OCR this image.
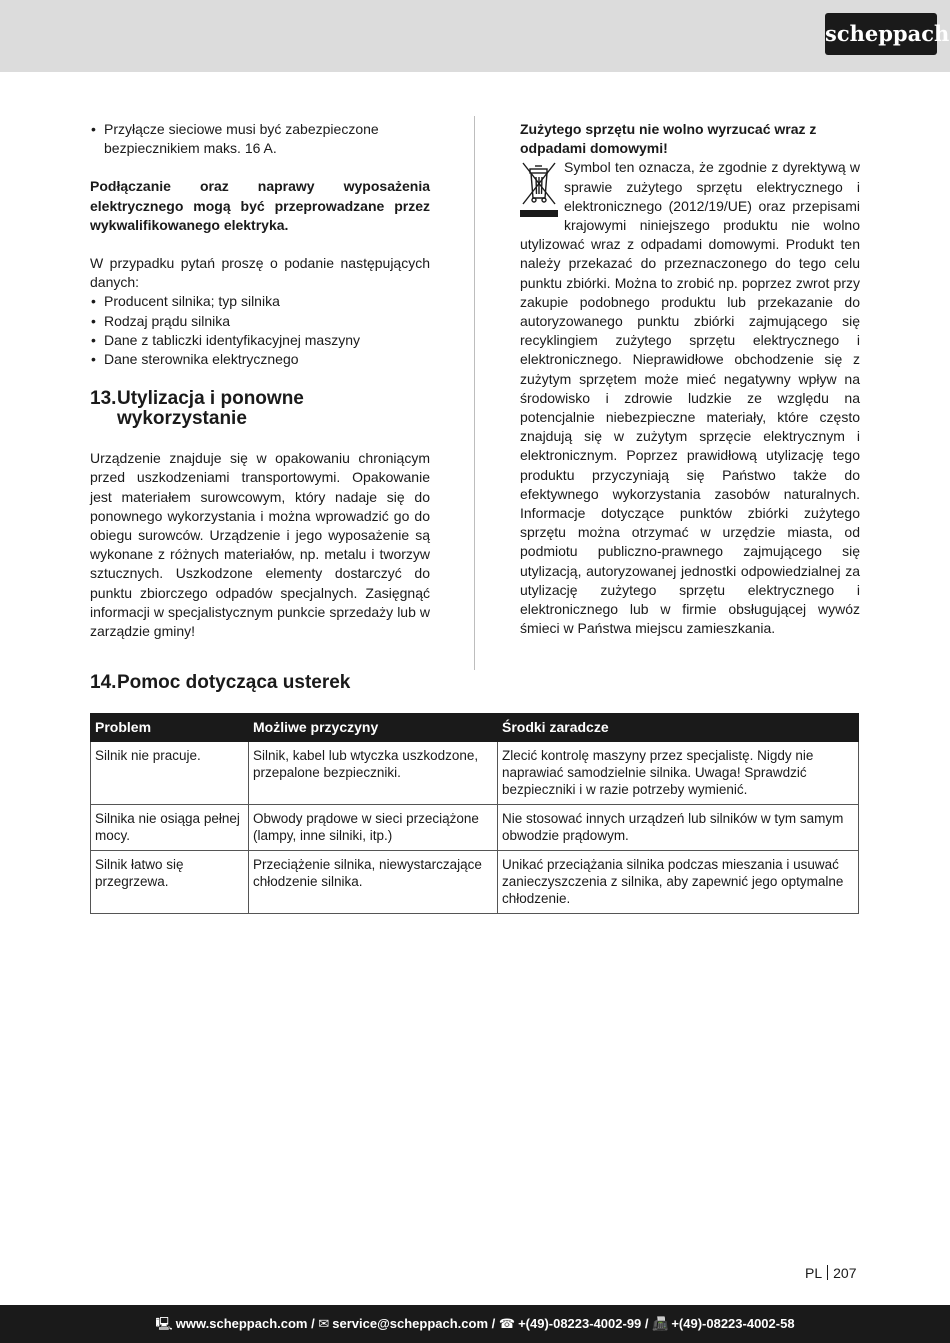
scheppach
• Przyłącze sieciowe musi być zabezpieczone bezpiecznikiem maks. 16 A.

Podłączanie oraz naprawy wyposażenia elektrycznego mogą być przeprowadzane przez wykwalifikowanego elektryka.

W przypadku pytań proszę o podanie następujących danych:

• Producent silnika; typ silnika
• Rodzaj prądu silnika
• Dane z tabliczki identyfikacyjnej maszyny
• Dane sterownika elektrycznego
13. Utylizacja i ponowne wykorzystanie

Urządzenie znajduje się w opakowaniu chroniącym przed uszkodzeniami transportowymi. Opakowanie jest materiałem surowcowym, który nadaje się do ponownego wykorzystania i można wprowadzić go do obiegu surowców. Urządzenie i jego wyposażenie są wykonane z różnych materiałów, np. metalu i tworzyw sztucznych. Uszkodzone elementy dostarczyć do punktu zbiorczego odpadów specjalnych. Zasięgnąć informacji w specjalistycznym punkcie sprzedaży lub w zarządzie gminy!

Zużytego sprzętu nie wolno wyrzucać wraz z odpadami domowymi!

Symbol ten oznacza, że zgodnie z dyrektywą w sprawie zużytego sprzętu elektrycznego i elektronicznego (2012/19/UE) oraz przepisami krajowymi niniejszego produktu nie wolno utylizować wraz z odpadami domowymi. Produkt ten należy przekazać do przeznaczonego do tego celu punktu zbiórki. Można to zrobić np. poprzez zwrot przy zakupie podobnego produktu lub przekazanie do autoryzowanego punktu zbiórki zajmującego się recyklingiem zużytego sprzętu elektrycznego i elektronicznego. Nieprawidłowe obchodzenie się z zużytym sprzętem może mieć negatywny wpływ na środowisko i zdrowie ludzkie ze względu na potencjalnie niebezpieczne materiały, które często znajdują się w zużytym sprzęcie elektrycznym i elektronicznym. Poprzez prawidłową utylizację tego produktu przyczyniają się Państwo także do efektywnego wykorzystania zasobów naturalnych. Informacje dotyczące punktów zbiórki zużytego sprzętu można otrzymać w urzędzie miasta, od podmiotu publiczno-prawnego zajmującego się utylizacją, autoryzowanej jednostki odpowiedzialnej za utylizację zużytego sprzętu elektrycznego i elektronicznego lub w firmie obsługującej wywóz śmieci w Państwa miejscu zamieszkania.

14. Pomoc dotycząca usterek
Problem	Możliwe przyczyny	Środki zaradcze
Silnik nie pracuje.	Silnik, kabel lub wtyczka uszkodzone, przepalone bezpieczniki.	Zlecić kontrolę maszyny przez specjalistę. Nigdy nie naprawiać samodzielnie silnika. Uwaga! Sprawdzić bezpieczniki i w razie potrzeby wymienić.
Silnika nie osiąga pełnej mocy.	Obwody prądowe w sieci przeciążone (lampy, inne silniki, itp.)	Nie stosować innych urządzeń lub silników w tym samym obwodzie prądowym.
Silnik łatwo się przegrzewa.	Przeciążenie silnika, niewystarczające chłodzenie silnika.	Unikać przeciążania silnika podczas mieszania i usuwać zanieczyszczenia z silnika, aby zapewnić jego optymalne chłodzenie.
PL 207
🖳 www.scheppach.com / ✉ service@scheppach.com / ☎ +(49)-08223-4002-99 / 📠 +(49)-08223-4002-58
